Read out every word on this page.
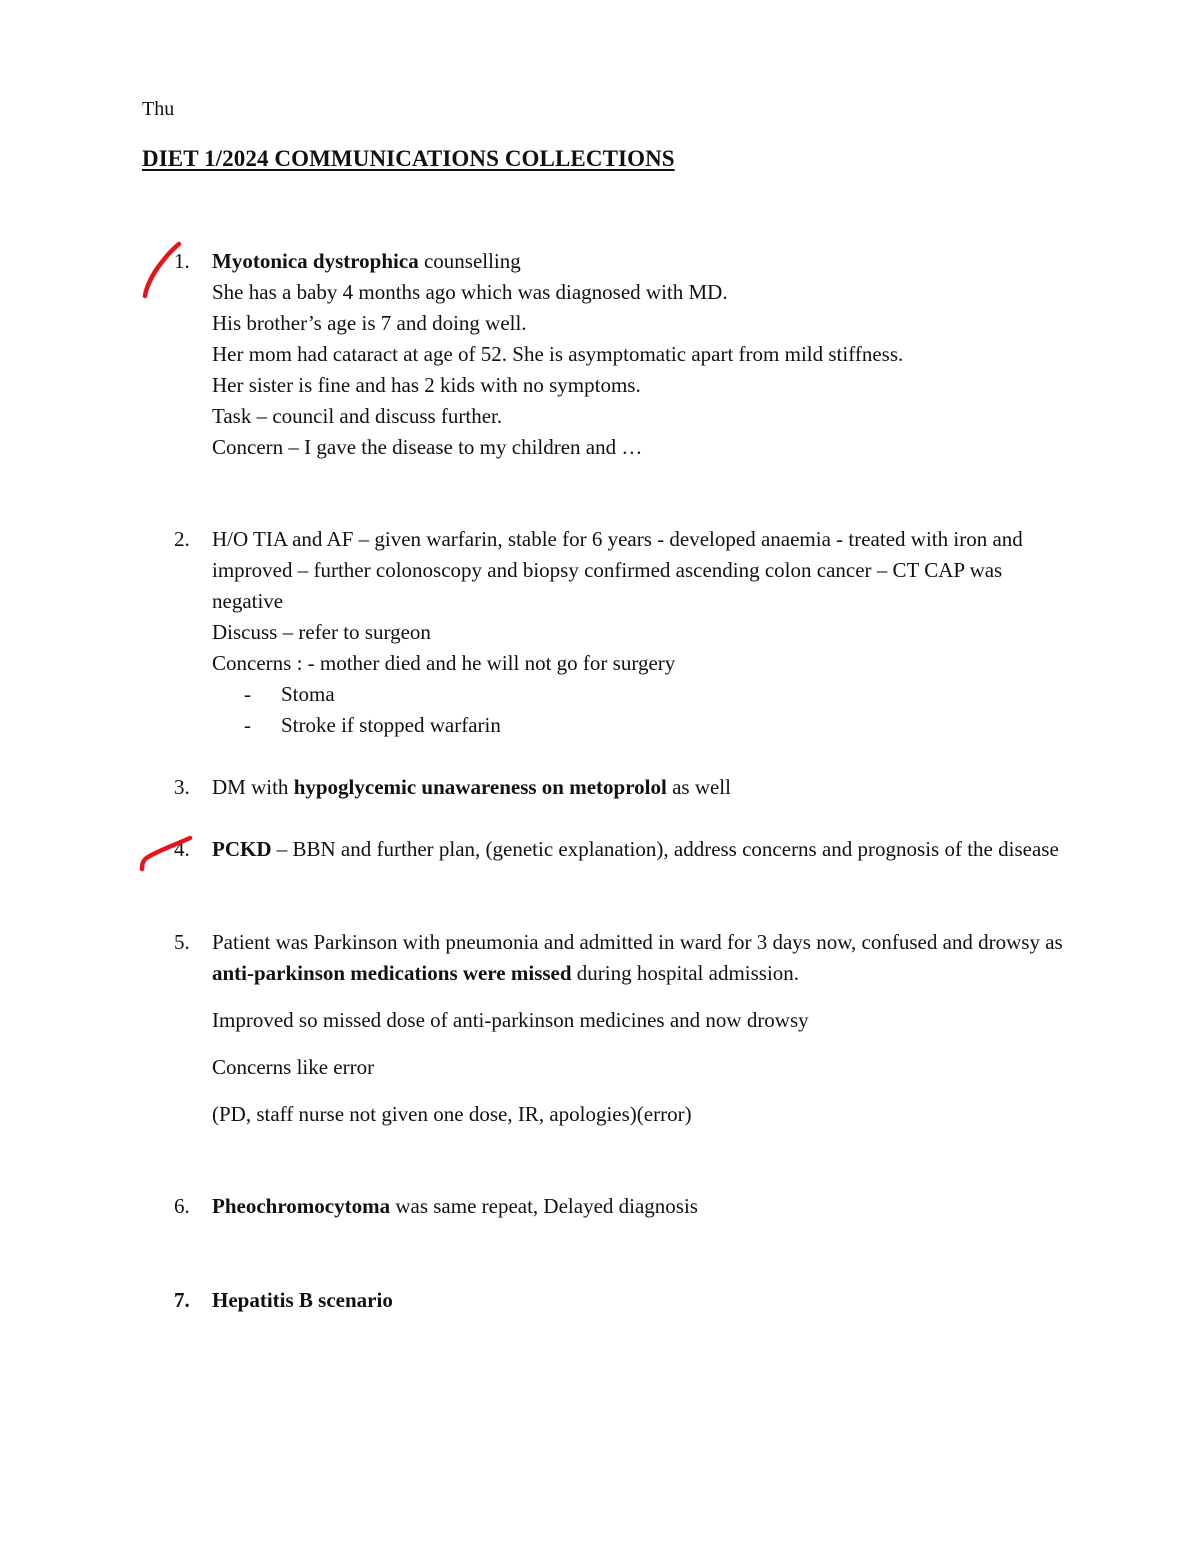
Thu
DIET 1/2024 COMMUNICATIONS COLLECTIONS
1. Myotonica dystrophica counselling

She has a baby 4 months ago which was diagnosed with MD.

His brother’s age is 7 and doing well.

Her mom had cataract at age of 52. She is asymptomatic apart from mild stiffness.

Her sister is fine and has 2 kids with no symptoms.

Task – council and discuss further.

Concern – I gave the disease to my children and …

2. H/O TIA and AF – given warfarin, stable for 6 years - developed anaemia - treated with iron and improved – further colonoscopy and biopsy confirmed ascending colon cancer – CT CAP was negative

Discuss – refer to surgeon

Concerns : - mother died and he will not go for surgery

- Stoma

- Stroke if stopped warfarin

3. DM with hypoglycemic unawareness on metoprolol as well

4. PCKD – BBN and further plan, (genetic explanation), address concerns and prognosis of the disease

5. Patient was Parkinson with pneumonia and admitted in ward for 3 days now, confused and drowsy as anti-parkinson medications were missed during hospital admission.

Improved so missed dose of anti-parkinson medicines and now drowsy

Concerns like error

(PD, staff nurse not given one dose, IR, apologies)(error)

6. Pheochromocytoma was same repeat, Delayed diagnosis

7. Hepatitis B scenario
